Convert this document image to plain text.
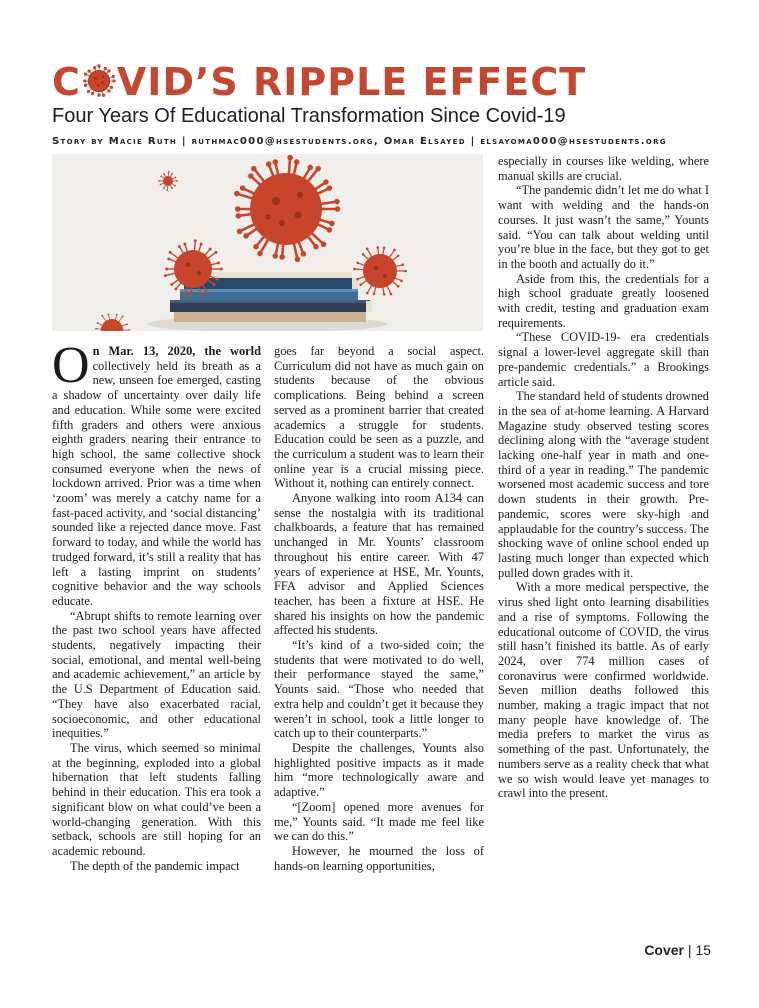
C VID’S RIPPLE EFFECT

Four Years Of Educational Transformation Since Covid-19

Story by Macie Ruth | ruthmac000@hsestudents.org, Omar Elsayed | elsayoma000@hsestudents.org

On Mar. 13, 2020, the world collectively held its breath as a new, unseen foe emerged, casting a shadow of uncertainty over daily life and education. While some were excited fifth graders and others were anxious eighth graders nearing their entrance to high school, the same collective shock consumed everyone when the news of lockdown arrived. Prior was a time when ‘zoom’ was merely a catchy name for a fast-paced activity, and ‘social distancing’ sounded like a rejected dance move. Fast forward to today, and while the world has trudged forward, it’s still a reality that has left a lasting imprint on students’ cognitive behavior and the way schools educate.

“Abrupt shifts to remote learning over the past two school years have affected students, negatively impacting their social, emotional, and mental well-being and academic achievement,” an article by the U.S Department of Education said. “They have also exacerbated racial, socioeconomic, and other educational inequities.”

The virus, which seemed so minimal at the beginning, exploded into a global hibernation that left students falling behind in their education. This era took a significant blow on what could’ve been a world-changing generation. With this setback, schools are still hoping for an academic rebound.

The depth of the pandemic impact

goes far beyond a social aspect. Curriculum did not have as much gain on students because of the obvious complications. Being behind a screen served as a prominent barrier that created academics a struggle for students. Education could be seen as a puzzle, and the curriculum a student was to learn their online year is a crucial missing piece. Without it, nothing can entirely connect.

Anyone walking into room A134 can sense the nostalgia with its traditional chalkboards, a feature that has remained unchanged in Mr. Younts’ classroom throughout his entire career. With 47 years of experience at HSE, Mr. Younts, FFA advisor and Applied Sciences teacher, has been a fixture at HSE. He shared his insights on how the pandemic affected his students.

“It’s kind of a two-sided coin; the students that were motivated to do well, their performance stayed the same,” Younts said. “Those who needed that extra help and couldn’t get it because they weren’t in school, took a little longer to catch up to their counterparts.”

Despite the challenges, Younts also highlighted positive impacts as it made him “more technologically aware and adaptive.”

“[Zoom] opened more avenues for me,” Younts said. “It made me feel like we can do this.”

However, he mourned the loss of hands-on learning opportunities,

especially in courses like welding, where manual skills are crucial.

“The pandemic didn’t let me do what I want with welding and the hands-on courses. It just wasn’t the same,” Younts said. “You can talk about welding until you’re blue in the face, but they got to get in the booth and actually do it.”

Aside from this, the credentials for a high school graduate greatly loosened with credit, testing and graduation exam requirements.

“These COVID-19- era credentials signal a lower-level aggregate skill than pre-pandemic credentials.” a Brookings article said.

The standard held of students drowned in the sea of at-home learning. A Harvard Magazine study observed testing scores declining along with the “average student lacking one-half year in math and one-third of a year in reading.” The pandemic worsened most academic success and tore down students in their growth. Pre-pandemic, scores were sky-high and applaudable for the country’s success. The shocking wave of online school ended up lasting much longer than expected which pulled down grades with it.

With a more medical perspective, the virus shed light onto learning disabilities and a rise of symptoms. Following the educational outcome of COVID, the virus still hasn’t finished its battle. As of early 2024, over 774 million cases of coronavirus were confirmed worldwide. Seven million deaths followed this number, making a tragic impact that not many people have knowledge of. The media prefers to market the virus as something of the past. Unfortunately, the numbers serve as a reality check that what we so wish would leave yet manages to crawl into the present.

Cover | 15
